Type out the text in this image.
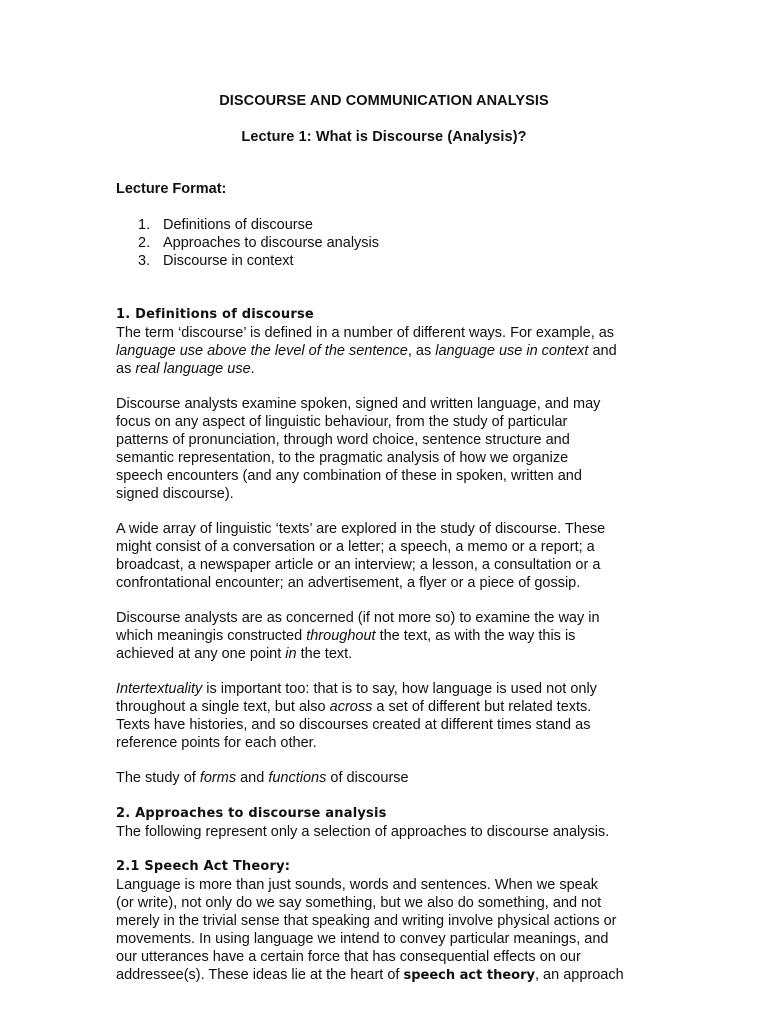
DISCOURSE AND COMMUNICATION ANALYSIS
Lecture 1: What is Discourse (Analysis)?
Lecture Format:
1. Definitions of discourse
2. Approaches to discourse analysis
3. Discourse in context

1. Definitions of discourse

The term ‘discourse’ is defined in a number of different ways. For example, as

language use above the level of the sentence, as language use in context and

as real language use.

Discourse analysts examine spoken, signed and written language, and may

focus on any aspect of linguistic behaviour, from the study of particular

patterns of pronunciation, through word choice, sentence structure and

semantic representation, to the pragmatic analysis of how we organize

speech encounters (and any combination of these in spoken, written and

signed discourse).

A wide array of linguistic ‘texts’ are explored in the study of discourse. These

might consist of a conversation or a letter; a speech, a memo or a report; a

broadcast, a newspaper article or an interview; a lesson, a consultation or a

confrontational encounter; an advertisement, a flyer or a piece of gossip.

Discourse analysts are as concerned (if not more so) to examine the way in

which meaningis constructed throughout the text, as with the way this is

achieved at any one point in the text.

Intertextuality is important too: that is to say, how language is used not only

throughout a single text, but also across a set of different but related texts.

Texts have histories, and so discourses created at different times stand as

reference points for each other.

The study of forms and functions of discourse

2. Approaches to discourse analysis

The following represent only a selection of approaches to discourse analysis.

2.1 Speech Act Theory:

Language is more than just sounds, words and sentences. When we speak

(or write), not only do we say something, but we also do something, and not

merely in the trivial sense that speaking and writing involve physical actions or

movements. In using language we intend to convey particular meanings, and

our utterances have a certain force that has consequential effects on our

addressee(s). These ideas lie at the heart of speech act theory, an approach
